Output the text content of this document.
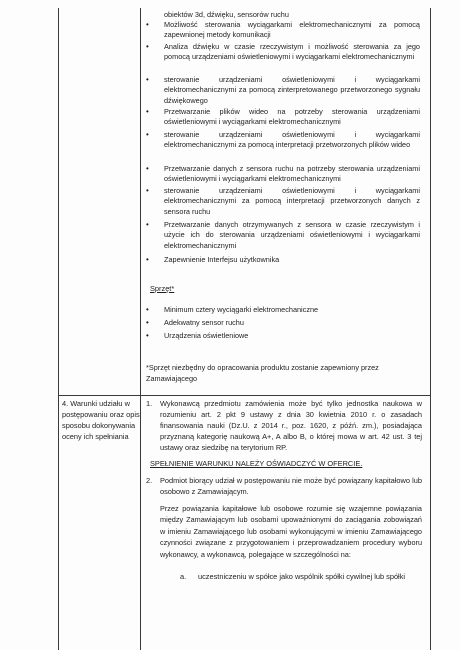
4. Warunki udziału w postępowaniu oraz opis sposobu dokonywania oceny ich spełniania
obiektów 3d, dźwięku, sensorów ruchu
• Możliwość sterowania wyciągarkami elektromechanicznymi za pomocą zapewnionej metody komunikacji
• Analiza dźwięku w czasie rzeczywistym i możliwość sterowania za jego pomocą urządzeniami oświetleniowymi i wyciągarkami elektromechanicznymi
• sterowanie urządzeniami oświetleniowymi i wyciągarkami elektromechanicznymi za pomocą zinterpretowanego przetworzonego sygnału dźwiękowego
• Przetwarzanie plików wideo na potrzeby sterowania urządzeniami oświetleniowymi i wyciągarkami elektromechanicznymi
• sterowanie urządzeniami oświetleniowymi i wyciągarkami elektromechanicznymi za pomocą interpretacji przetworzonych plików wideo
• Przetwarzanie danych z sensora ruchu na potrzeby sterowania urządzeniami oświetleniowymi i wyciągarkami elektromechanicznymi
• sterowanie urządzeniami oświetleniowymi i wyciągarkami elektromechanicznymi za pomocą interpretacji przetworzonych danych z sensora ruchu
• Przetwarzanie danych otrzymywanych z sensora w czasie rzeczywistym i użycie ich do sterowania urządzeniami oświetleniowymi i wyciągarkami elektromechanicznymi
• Zapewnienie Interfejsu użytkownika
Sprzęt*
• Minimum cztery wyciągarki elektromechaniczne
• Adekwatny sensor ruchu
• Urządzenia oświetleniowe
*Sprzęt niezbędny do opracowania produktu zostanie zapewniony przez Zamawiającego
1. Wykonawcą przedmiotu zamówienia może być tylko jednostka naukowa w rozumieniu art. 2 pkt 9 ustawy z dnia 30 kwietnia 2010 r. o zasadach finansowania nauki (Dz.U. z 2014 r., poz. 1620, z późń. zm.), posiadająca przyznaną kategorię naukową A+, A albo B, o której mowa w art. 42 ust. 3 tej ustawy oraz siedzibę na terytorium RP.
SPEŁNIENIE WARUNKU NALEŻY OŚWIADCZYĆ W OFERCIE.
2. Podmiot biorący udział w postępowaniu nie może być powiązany kapitałowo lub osobowo z Zamawiającym.
Przez powiązania kapitałowe lub osobowe rozumie się wzajemne powiązania między Zamawiającym lub osobami upoważnionymi do zaciągania zobowiązań w imieniu Zamawiającego lub osobami wykonującymi w imieniu Zamawiającego czynności związane z przygotowaniem i przeprowadzaniem procedury wyboru wykonawcy, a wykonawcą, polegające w szczególności na:
a. uczestniczeniu w spółce jako wspólnik spółki cywilnej lub spółki
